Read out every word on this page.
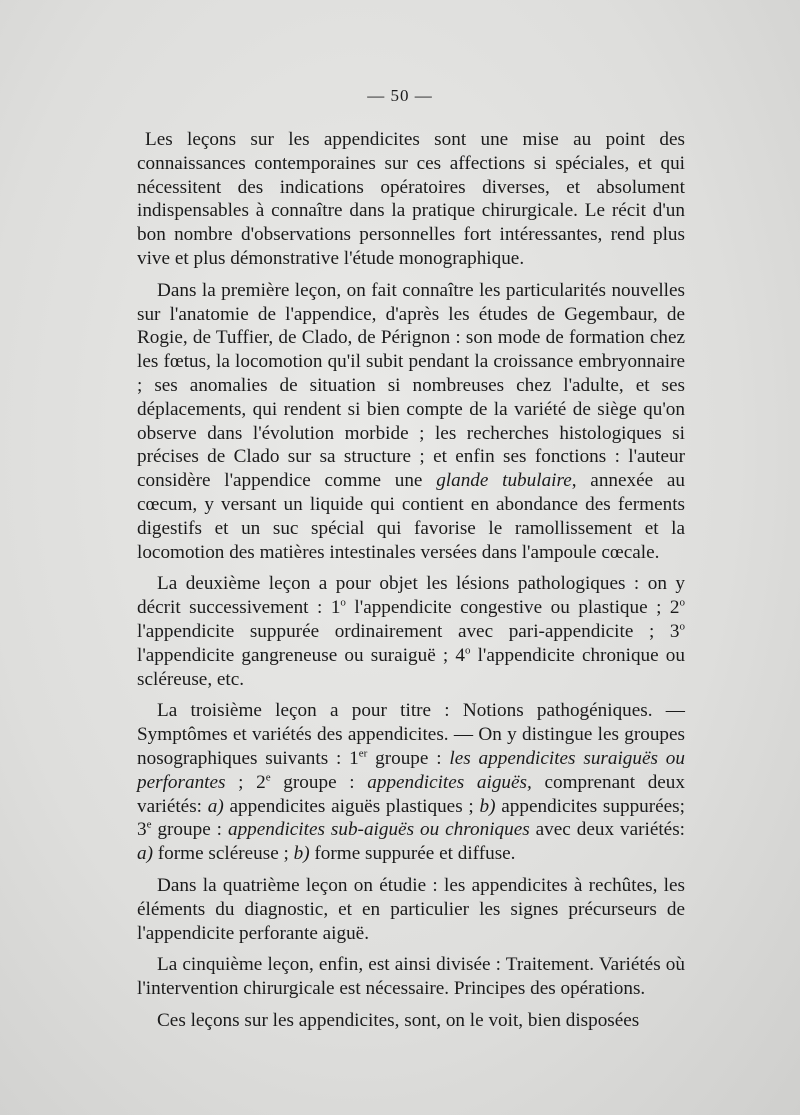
— 50 —

Les leçons sur les appendicites sont une mise au point des connaissances contemporaines sur ces affections si spéciales, et qui nécessitent des indications opératoires diverses, et absolument indispensables à connaître dans la pratique chirurgicale. Le récit d'un bon nombre d'observations personnelles fort intéressantes, rend plus vive et plus démonstrative l'étude monographique.

Dans la première leçon, on fait connaître les particularités nouvelles sur l'anatomie de l'appendice, d'après les études de Gegembaur, de Rogie, de Tuffier, de Clado, de Pérignon : son mode de formation chez les fœtus, la locomotion qu'il subit pendant la croissance embryonnaire ; ses anomalies de situation si nombreuses chez l'adulte, et ses déplacements, qui rendent si bien compte de la variété de siège qu'on observe dans l'évolution morbide ; les recherches histologiques si précises de Clado sur sa structure ; et enfin ses fonctions : l'auteur considère l'appendice comme une glande tubulaire, annexée au cœcum, y versant un liquide qui contient en abondance des ferments digestifs et un suc spécial qui favorise le ramollissement et la locomotion des matières intestinales versées dans l'ampoule cœcale.

La deuxième leçon a pour objet les lésions pathologiques : on y décrit successivement : 1$^o$ l'appendicite congestive ou plastique ; 2$^o$ l'appendicite suppurée ordinairement avec pari-appendicite ; 3$^o$ l'appendicite gangreneuse ou suraiguë ; 4$^o$ l'appendicite chronique ou scléreuse, etc.

La troisième leçon a pour titre : Notions pathogéniques. — Symptômes et variétés des appendicites. — On y distingue les groupes nosographiques suivants : 1er groupe : les appendicites suraiguës ou perforantes ; 2e groupe : appendicites aiguës, comprenant deux variétés: a) appendicites aiguës plastiques ; b) appendicites suppurées; 3e groupe : appendicites sub-aiguës ou chroniques avec deux variétés: a) forme scléreuse ; b) forme suppurée et diffuse.

Dans la quatrième leçon on étudie : les appendicites à rechûtes, les éléments du diagnostic, et en particulier les signes précurseurs de l'appendicite perforante aiguë.

La cinquième leçon, enfin, est ainsi divisée : Traitement. Variétés où l'intervention chirurgicale est nécessaire. Principes des opérations.

Ces leçons sur les appendicites, sont, on le voit, bien disposées
